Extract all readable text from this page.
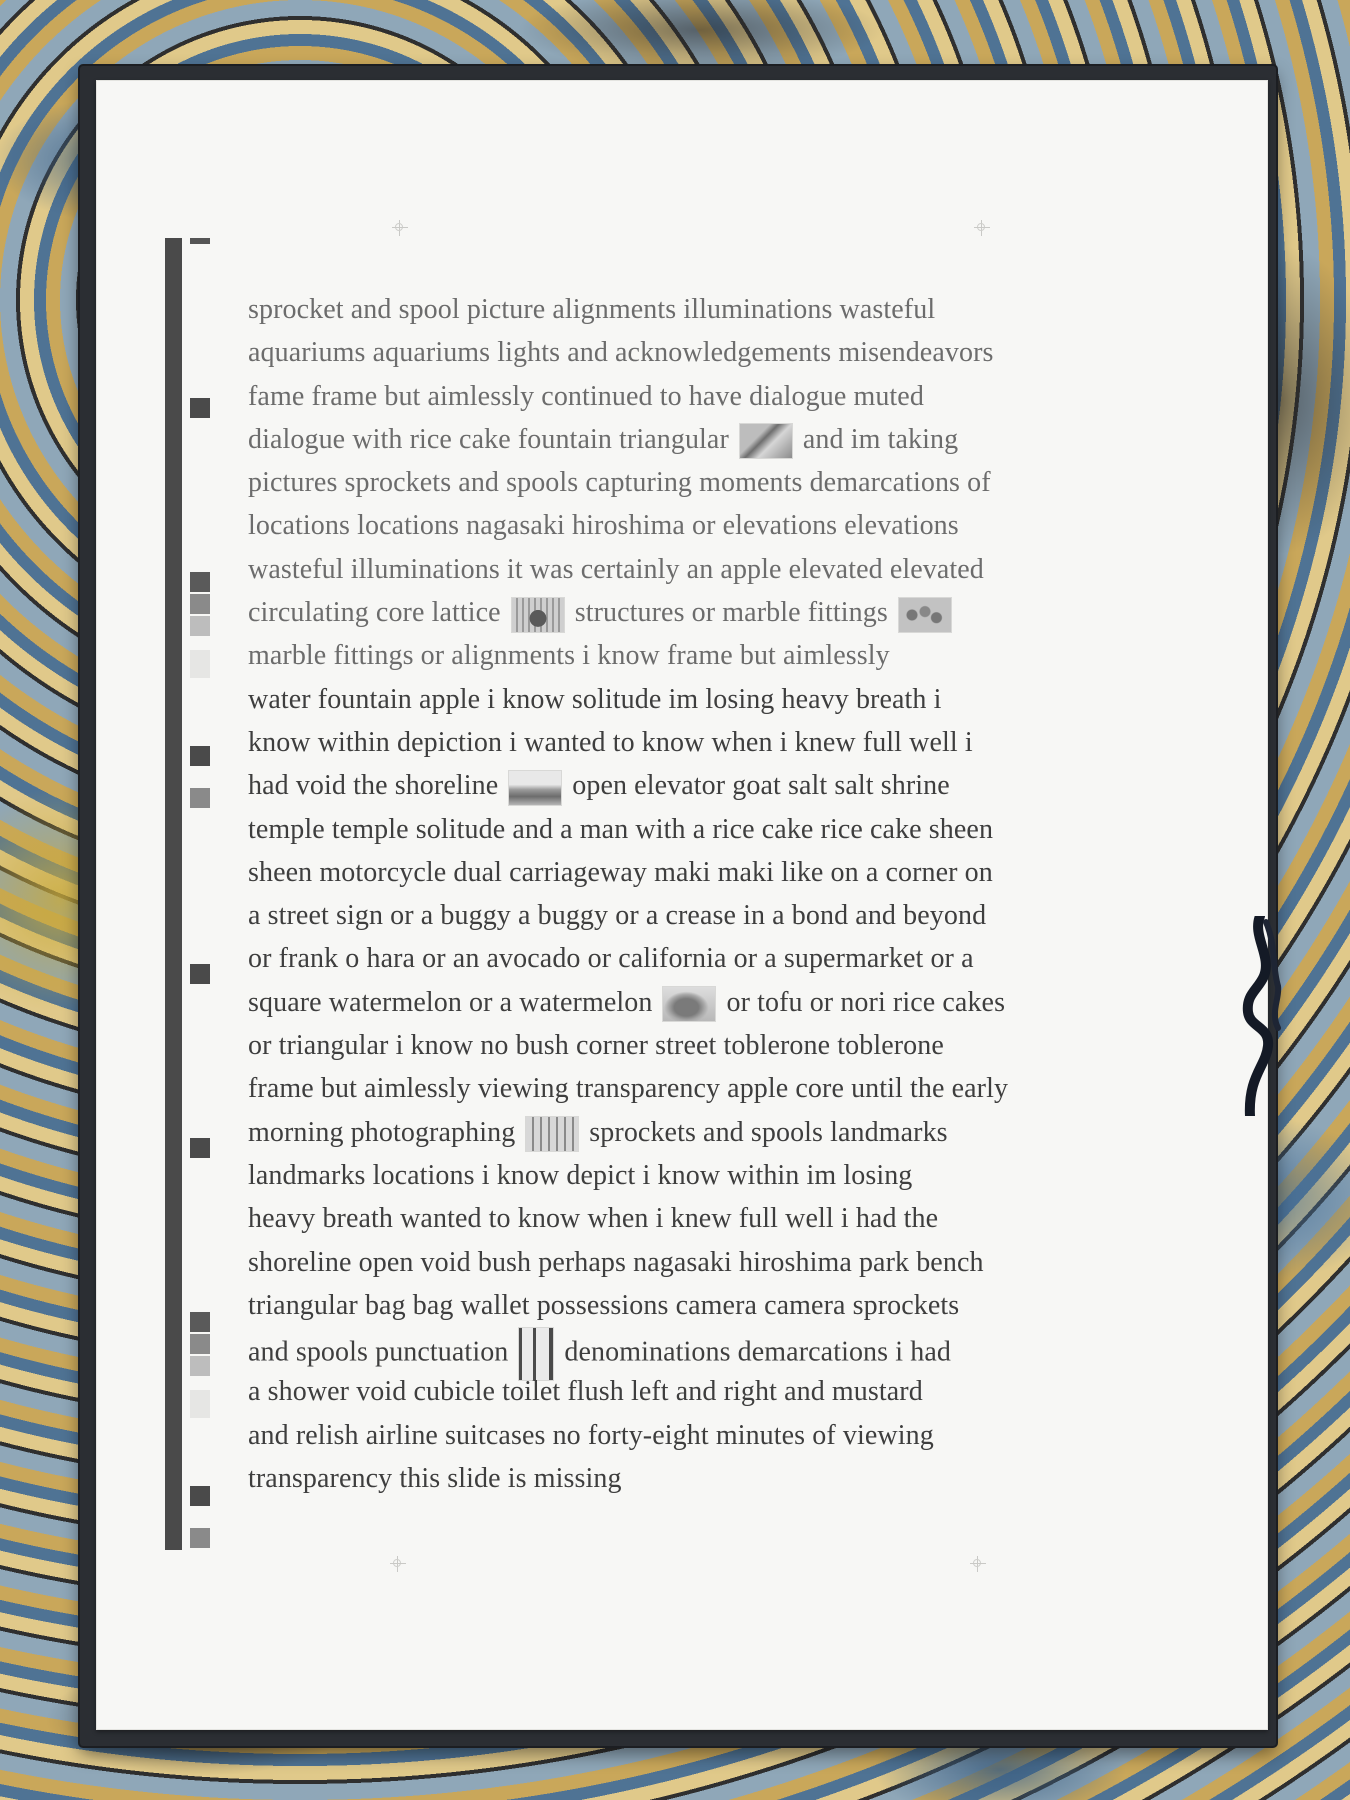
sprocket and spool picture alignments illuminations wasteful
aquariums aquariums lights and acknowledgements misendeavors
fame frame but aimlessly continued to have dialogue muted
dialogue with rice cake fountain triangular	and im taking
pictures sprockets and spools capturing moments demarcations of
locations locations nagasaki hiroshima or elevations elevations
wasteful illuminations it was certainly an apple elevated elevated
circulating core lattice	structures or marble fittings
marble fittings or alignments i know frame but aimlessly
water fountain apple i know solitude im losing heavy breath i
know within depiction i wanted to know when i knew full well i
had void the shoreline	open elevator goat salt salt shrine
temple temple solitude and a man with a rice cake rice cake sheen
sheen motorcycle dual carriageway maki maki like on a corner on
a street sign or a buggy a buggy or a crease in a bond and beyond
or frank o hara or an avocado or california or a supermarket or a
square watermelon or a watermelon	or tofu or nori rice cakes
or triangular i know no bush corner street toblerone toblerone
frame but aimlessly viewing transparency apple core until the early
morning photographing	sprockets and spools landmarks
landmarks locations i know depict i know within im losing
heavy breath wanted to know when i knew full well i had the
shoreline open void bush perhaps nagasaki hiroshima park bench
triangular bag bag wallet possessions camera camera sprockets
and spools punctuation denominations demarcations i had
a shower void cubicle toilet flush left and right and mustard
and relish airline suitcases no forty-eight minutes of viewing
transparency this slide is missing
